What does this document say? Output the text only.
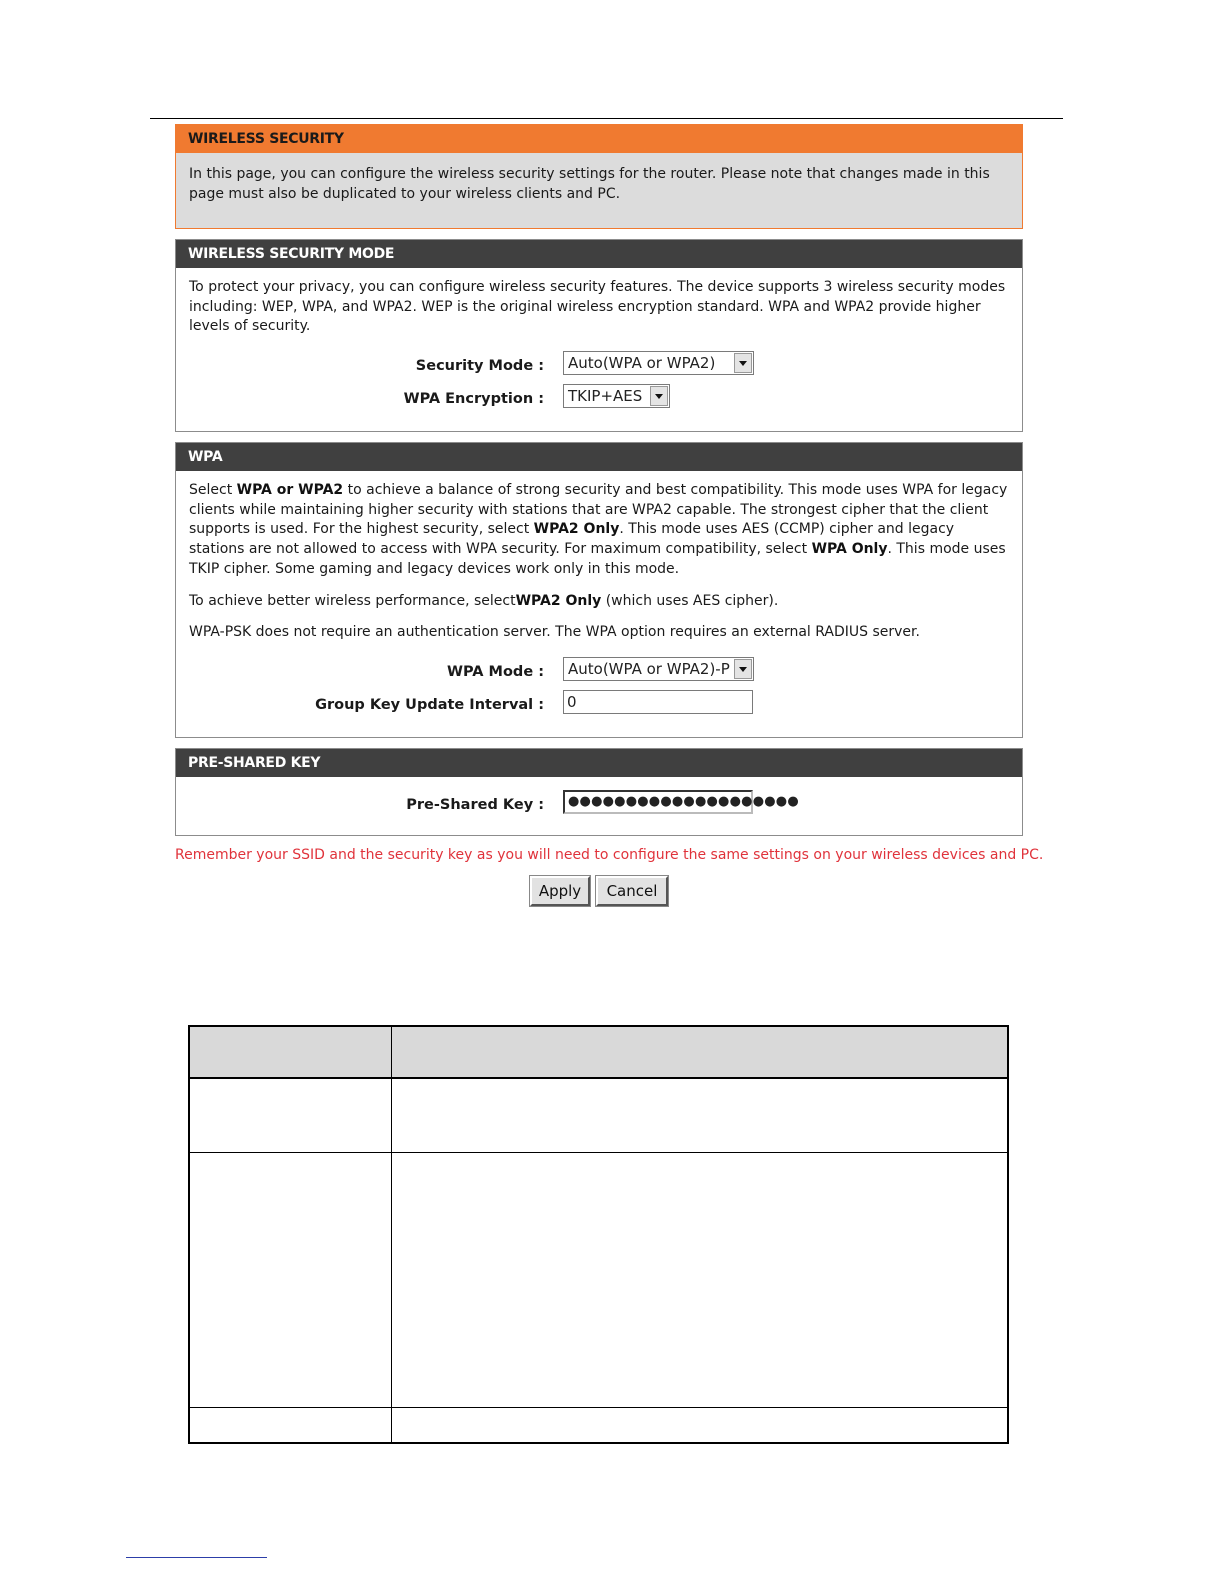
WIRELESS SECURITY

In this page, you can configure the wireless security settings for the router. Please note that changes made in this page must also be duplicated to your wireless clients and PC.

WIRELESS SECURITY MODE

To protect your privacy, you can configure wireless security features. The device supports 3 wireless security modes including: WEP, WPA, and WPA2. WEP is the original wireless encryption standard. WPA and WPA2 provide higher levels of security.

Security Mode :	Auto(WPA or WPA2)
WPA Encryption :	TKIP+AES
WPA

Select WPA or WPA2 to achieve a balance of strong security and best compatibility. This mode uses WPA for legacy clients while maintaining higher security with stations that are WPA2 capable. The strongest cipher that the client supports is used. For the highest security, select WPA2 Only. This mode uses AES (CCMP) cipher and legacy stations are not allowed to access with WPA security. For maximum compatibility, select WPA Only. This mode uses TKIP cipher. Some gaming and legacy devices work only in this mode.

To achieve better wireless performance, selectWPA2 Only (which uses AES cipher).

WPA-PSK does not require an authentication server. The WPA option requires an external RADIUS server.

WPA Mode :	Auto(WPA or WPA2)-P
Group Key Update Interval : 0
PRE-SHARED KEY
Pre-Shared Key :	●●●●●●●●●●●●●●●●●●●●
Remember your SSID and the security key as you will need to configure the same settings on your wireless devices and PC.
Apply	Cancel
